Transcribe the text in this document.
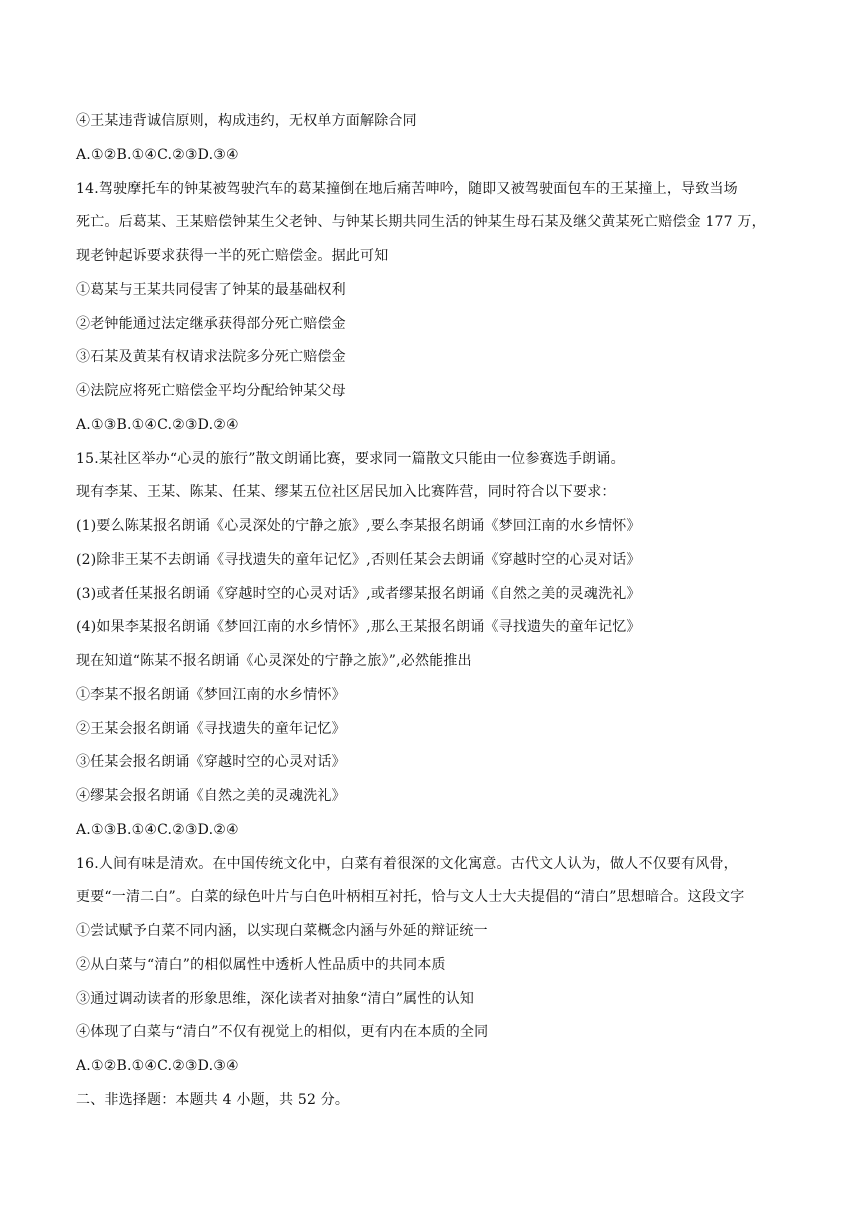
④王某违背诚信原则，构成违约，无权单方面解除合同
A.①②B.①④C.②③D.③④
14.驾驶摩托车的钟某被驾驶汽车的葛某撞倒在地后痛苦呻吟，随即又被驾驶面包车的王某撞上，导致当场
死亡。后葛某、王某赔偿钟某生父老钟、与钟某长期共同生活的钟某生母石某及继父黄某死亡赔偿金 177 万，
现老钟起诉要求获得一半的死亡赔偿金。据此可知
①葛某与王某共同侵害了钟某的最基础权利
②老钟能通过法定继承获得部分死亡赔偿金
③石某及黄某有权请求法院多分死亡赔偿金
④法院应将死亡赔偿金平均分配给钟某父母
A.①③B.①④C.②③D.②④
15.某社区举办“心灵的旅行”散文朗诵比赛，要求同一篇散文只能由一位参赛选手朗诵。
现有李某、王某、陈某、任某、缪某五位社区居民加入比赛阵营，同时符合以下要求：
(1)要么陈某报名朗诵《心灵深处的宁静之旅》,要么李某报名朗诵《梦回江南的水乡情怀》
(2)除非王某不去朗诵《寻找遗失的童年记忆》,否则任某会去朗诵《穿越时空的心灵对话》
(3)或者任某报名朗诵《穿越时空的心灵对话》,或者缪某报名朗诵《自然之美的灵魂洗礼》
(4)如果李某报名朗诵《梦回江南的水乡情怀》,那么王某报名朗诵《寻找遗失的童年记忆》
现在知道“陈某不报名朗诵《心灵深处的宁静之旅》”,必然能推出
①李某不报名朗诵《梦回江南的水乡情怀》
②王某会报名朗诵《寻找遗失的童年记忆》
③任某会报名朗诵《穿越时空的心灵对话》
④缪某会报名朗诵《自然之美的灵魂洗礼》
A.①③B.①④C.②③D.②④
16.人间有味是清欢。在中国传统文化中，白菜有着很深的文化寓意。古代文人认为，做人不仅要有风骨，
更要“一清二白”。白菜的绿色叶片与白色叶柄相互衬托，恰与文人士大夫提倡的“清白”思想暗合。这段文字
①尝试赋予白菜不同内涵，以实现白菜概念内涵与外延的辩证统一
②从白菜与“清白”的相似属性中透析人性品质中的共同本质
③通过调动读者的形象思维，深化读者对抽象“清白”属性的认知
④体现了白菜与“清白”不仅有视觉上的相似，更有内在本质的全同
A.①②B.①④C.②③D.③④
二、非选择题：本题共 4 小题，共 52 分。
